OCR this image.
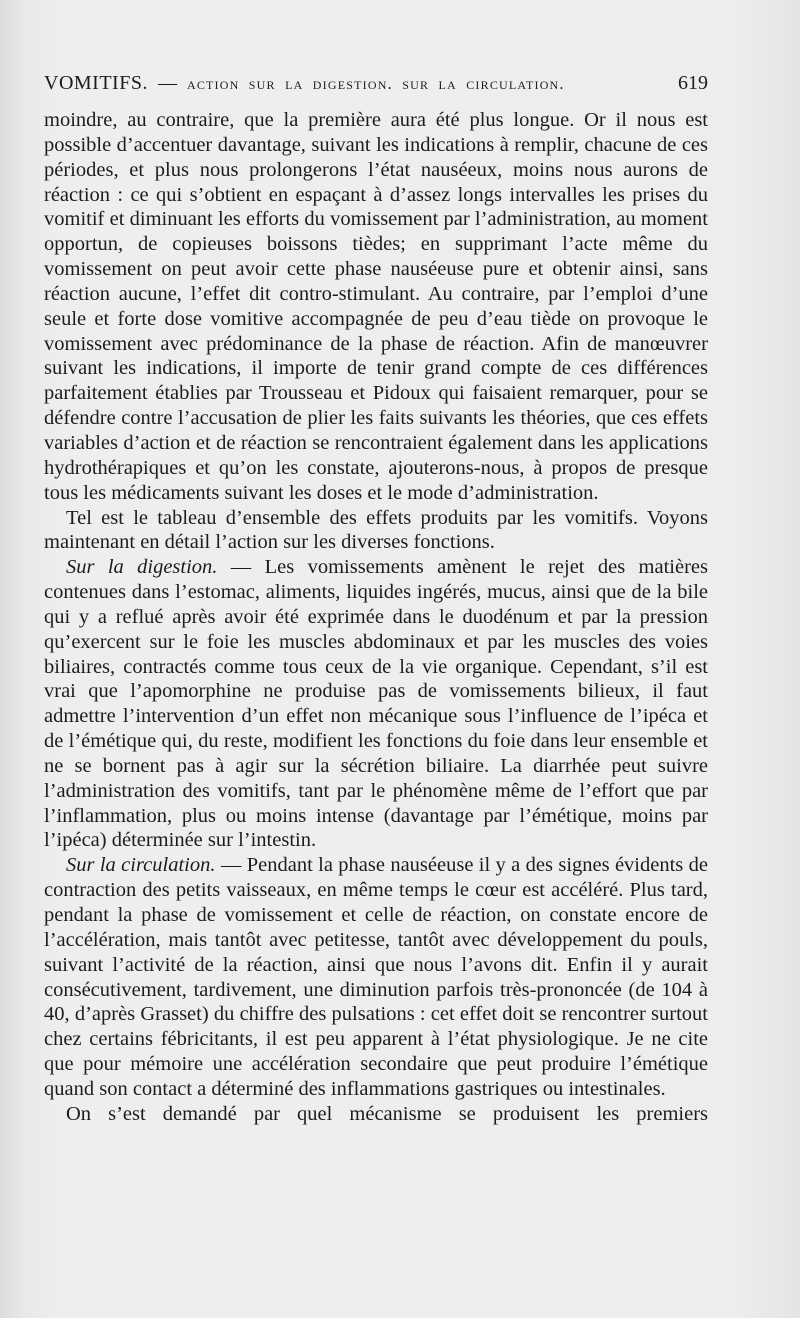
VOMITIFS. — action sur la digestion. sur la circulation.	619

moindre, au contraire, que la première aura été plus longue. Or il nous est possible d’accentuer davantage, suivant les indications à remplir, chacune de ces périodes, et plus nous prolongerons l’état nauséeux, moins nous aurons de réaction : ce qui s’obtient en espaçant à d’assez longs intervalles les prises du vomitif et diminuant les efforts du vomissement par l’administration, au moment opportun, de copieuses boissons tièdes; en supprimant l’acte même du vomissement on peut avoir cette phase nauséeuse pure et obtenir ainsi, sans réaction aucune, l’effet dit contro-stimulant. Au contraire, par l’emploi d’une seule et forte dose vomitive accompagnée de peu d’eau tiède on provoque le vomissement avec prédominance de la phase de réaction. Afin de manœuvrer suivant les indications, il importe de tenir grand compte de ces différences parfaitement établies par Trousseau et Pidoux qui faisaient remarquer, pour se défendre contre l’accusation de plier les faits suivants les théories, que ces effets variables d’action et de réaction se rencontraient également dans les applications hydrothérapiques et qu’on les constate, ajouterons-nous, à propos de presque tous les médicaments suivant les doses et le mode d’administration.

Tel est le tableau d’ensemble des effets produits par les vomitifs. Voyons maintenant en détail l’action sur les diverses fonctions.

Sur la digestion. — Les vomissements amènent le rejet des matières contenues dans l’estomac, aliments, liquides ingérés, mucus, ainsi que de la bile qui y a reflué après avoir été exprimée dans le duodénum et par la pression qu’exercent sur le foie les muscles abdominaux et par les muscles des voies biliaires, contractés comme tous ceux de la vie organique. Cependant, s’il est vrai que l’apomorphine ne produise pas de vomissements bilieux, il faut admettre l’intervention d’un effet non mécanique sous l’influence de l’ipéca et de l’émétique qui, du reste, modifient les fonctions du foie dans leur ensemble et ne se bornent pas à agir sur la sécrétion biliaire. La diarrhée peut suivre l’administration des vomitifs, tant par le phénomène même de l’effort que par l’inflammation, plus ou moins intense (davantage par l’émétique, moins par l’ipéca) déterminée sur l’intestin.

Sur la circulation. — Pendant la phase nauséeuse il y a des signes évidents de contraction des petits vaisseaux, en même temps le cœur est accéléré. Plus tard, pendant la phase de vomissement et celle de réaction, on constate encore de l’accélération, mais tantôt avec petitesse, tantôt avec développement du pouls, suivant l’activité de la réaction, ainsi que nous l’avons dit. Enfin il y aurait consécutivement, tardivement, une diminution parfois très-prononcée (de 104 à 40, d’après Grasset) du chiffre des pulsations : cet effet doit se rencontrer surtout chez certains fébricitants, il est peu apparent à l’état physiologique. Je ne cite que pour mémoire une accélération secondaire que peut produire l’émétique quand son contact a déterminé des inflammations gastriques ou intestinales.

On s’est demandé par quel mécanisme se produisent les premiers
